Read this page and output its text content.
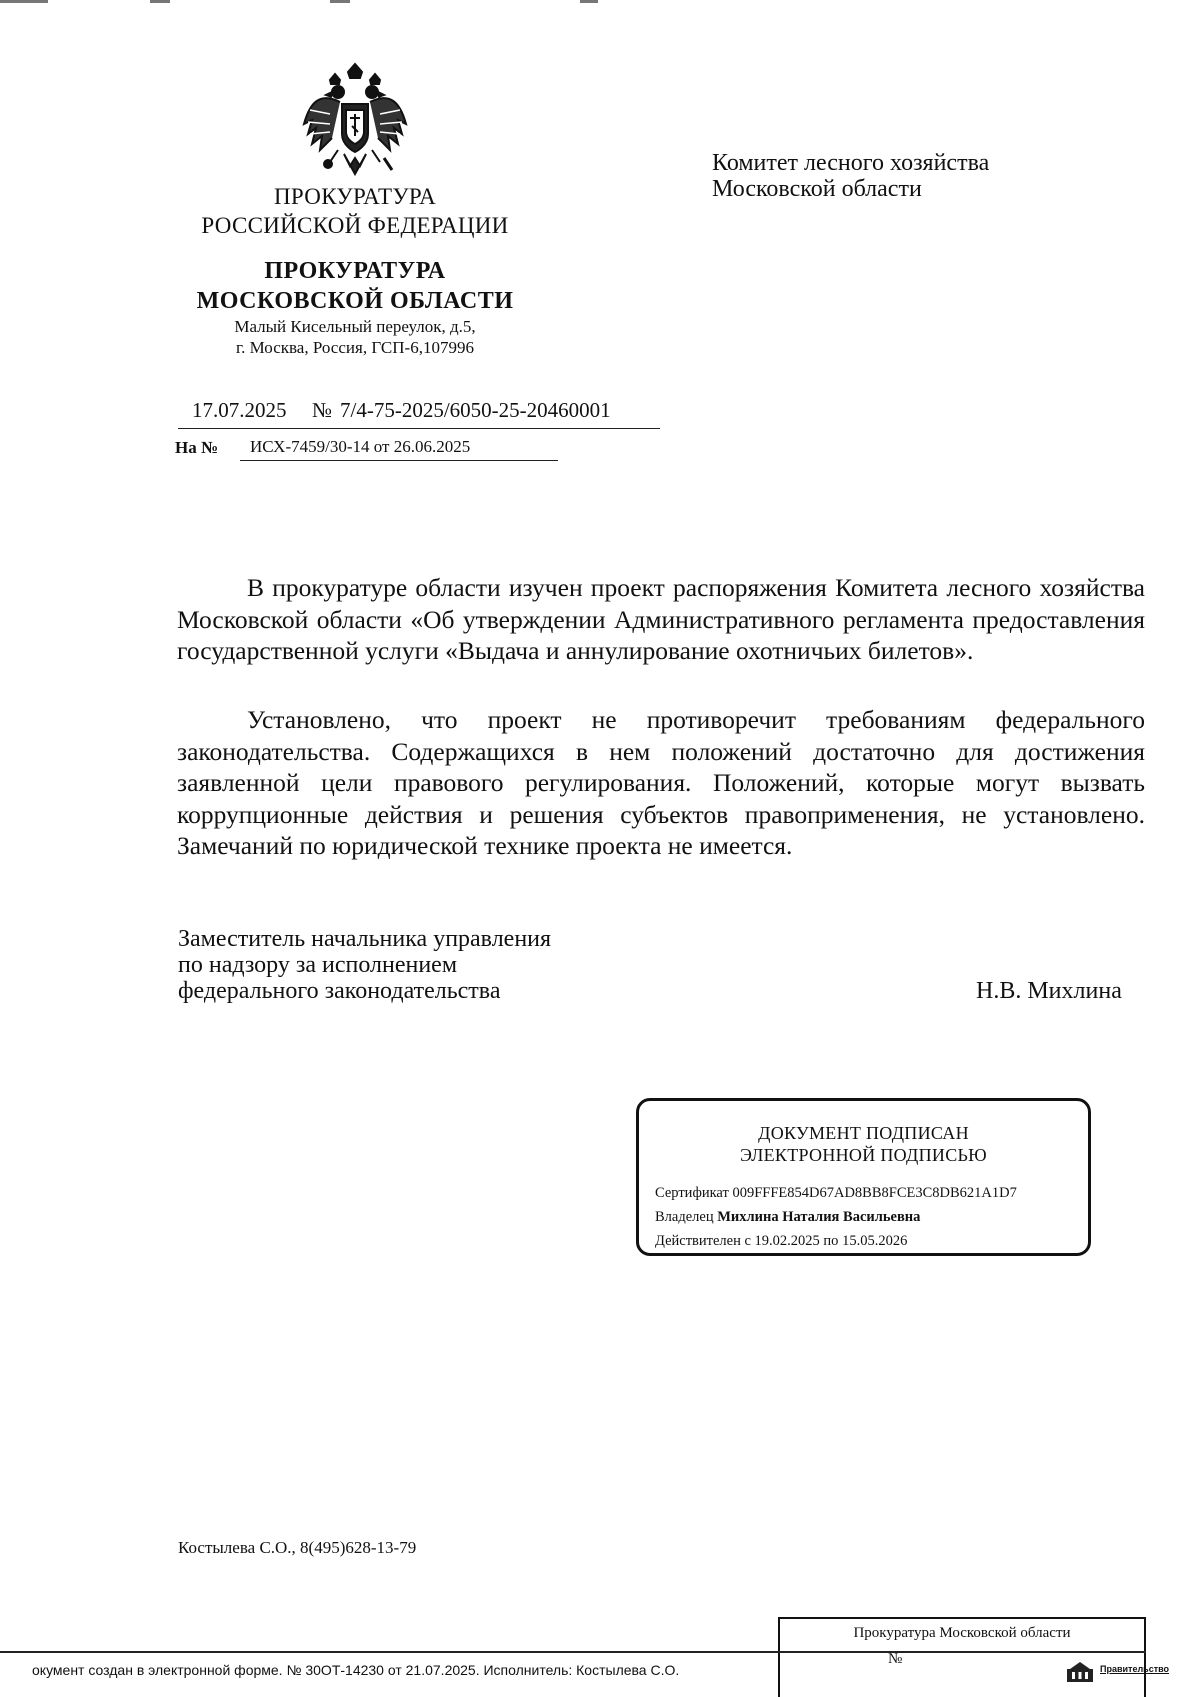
ПРОКУРАТУРА
РОССИЙСКОЙ ФЕДЕРАЦИИ
ПРОКУРАТУРА
МОСКОВСКОЙ ОБЛАСТИ
Малый Кисельный переулок, д.5,
г. Москва, Россия, ГСП-6,107996
Комитет лесного хозяйства
Московской области
17.07.2025 № 7/4-75-2025/6050-25-20460001
На № ИСХ-7459/30-14 от 26.06.2025

В прокуратуре области изучен проект распоряжения Комитета лесного хозяйства Московской области «Об утверждении Административного регламента предоставления государственной услуги «Выдача и аннулирование охотничьих билетов».

Установлено, что проект не противоречит требованиям федерального законодательства. Содержащихся в нем положений достаточно для достижения заявленной цели правового регулирования. Положений, которые могут вызвать коррупционные действия и решения субъектов правоприменения, не установлено. Замечаний по юридической технике проекта не имеется.

Заместитель начальника управления
по надзору за исполнением
федерального законодательства	Н.В. Михлина
ДОКУМЕНТ ПОДПИСАН
ЭЛЕКТРОННОЙ ПОДПИСЬЮ
Сертификат 009FFFE854D67AD8BB8FCE3C8DB621A1D7
Владелец Михлина Наталия Васильевна
Действителен с 19.02.2025 по 15.05.2026
Костылева С.О., 8(495)628-13-79
Прокуратура Московской области
№
окумент создан в электронной форме. № 30ОТ-14230 от 21.07.2025. Исполнитель: Костылева С.О.	Правительство
